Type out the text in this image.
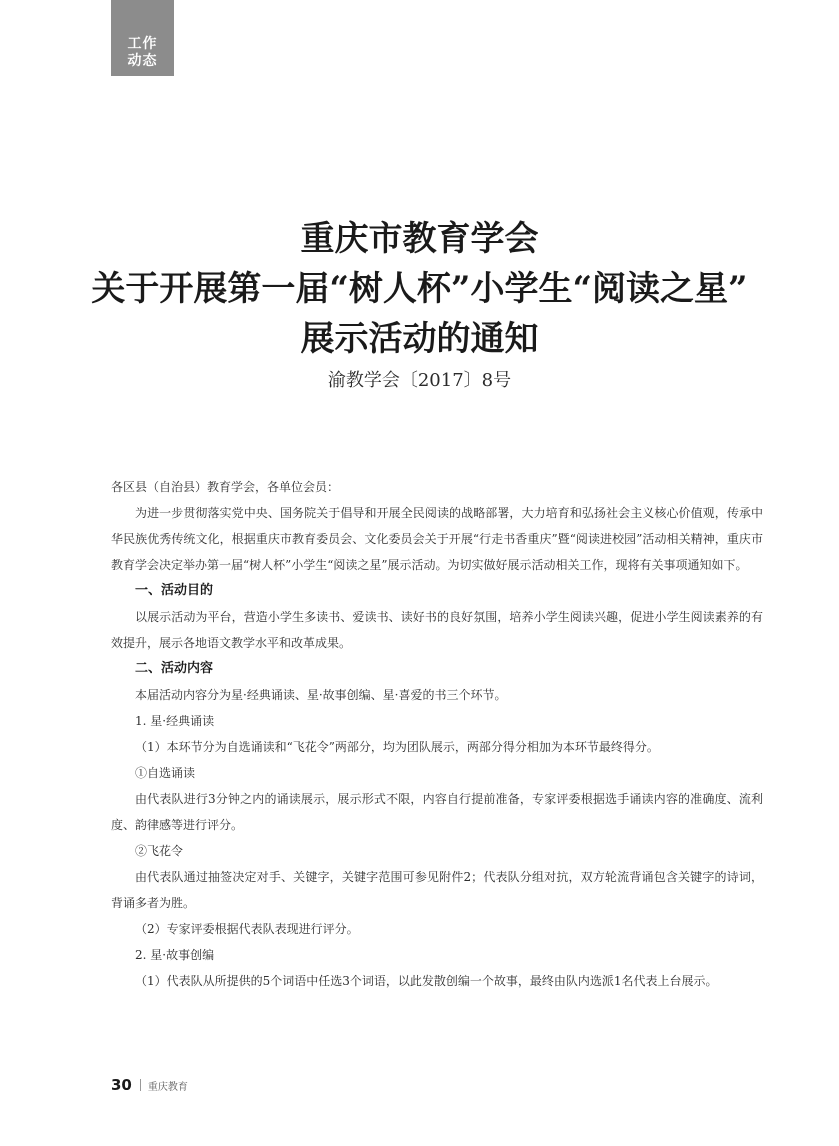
工作
动态
重庆市教育学会
关于开展第一届“树人杯”小学生“阅读之星”
展示活动的通知
渝教学会〔2017〕8号

各区县（自治县）教育学会，各单位会员：

为进一步贯彻落实党中央、国务院关于倡导和开展全民阅读的战略部署，大力培育和弘扬社会主义核心价值观，传承中华民族优秀传统文化，根据重庆市教育委员会、文化委员会关于开展“行走书香重庆”暨“阅读进校园”活动相关精神，重庆市教育学会决定举办第一届“树人杯”小学生“阅读之星”展示活动。为切实做好展示活动相关工作，现将有关事项通知如下。

一、活动目的

以展示活动为平台，营造小学生多读书、爱读书、读好书的良好氛围，培养小学生阅读兴趣，促进小学生阅读素养的有效提升，展示各地语文教学水平和改革成果。

二、活动内容

本届活动内容分为星·经典诵读、星·故事创编、星·喜爱的书三个环节。

1. 星·经典诵读

（1）本环节分为自选诵读和“飞花令”两部分，均为团队展示，两部分得分相加为本环节最终得分。

①自选诵读

由代表队进行3分钟之内的诵读展示，展示形式不限，内容自行提前准备，专家评委根据选手诵读内容的准确度、流利度、韵律感等进行评分。

②飞花令

由代表队通过抽签决定对手、关键字，关键字范围可参见附件2；代表队分组对抗，双方轮流背诵包含关键字的诗词，背诵多者为胜。

（2）专家评委根据代表队表现进行评分。

2. 星·故事创编

（1）代表队从所提供的5个词语中任选3个词语，以此发散创编一个故事，最终由队内选派1名代表上台展示。

30 重庆教育
